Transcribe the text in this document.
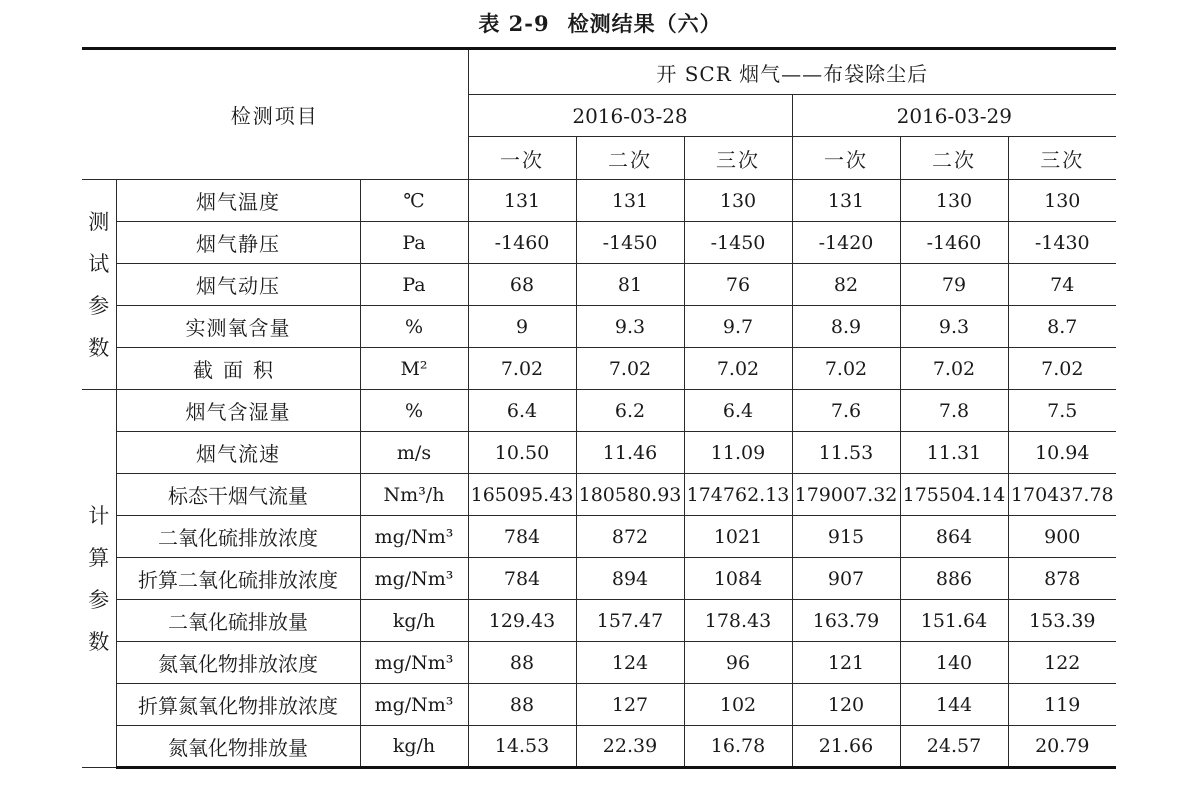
表 2-9 检测结果（六）
检测项目			开 SCR 烟气——布袋除尘后					
			2016-03-28			2016-03-29		
			一次	二次	三次	一次	二次	三次

测
试
参
数	烟气温度	℃	131	131	130	131	130	130
	烟气静压	Pa	-1460	-1450	-1450	-1420	-1460	-1430
	烟气动压	Pa	68	81	76	82	79	74
	实测氧含量	%	9	9.3	9.7	8.9	9.3	8.7
	截面积	M²	7.02	7.02	7.02	7.02	7.02	7.02

计
算
参
数	烟气含湿量	%	6.4	6.2	6.4	7.6	7.8	7.5
	烟气流速	m/s	10.50	11.46	11.09	11.53	11.31	10.94
	标态干烟气流量	Nm³/h	165095.43	180580.93	174762.13	179007.32	175504.14	170437.78
	二氧化硫排放浓度	mg/Nm³	784	872	1021	915	864	900
	折算二氧化硫排放浓度	mg/Nm³	784	894	1084	907	886	878
	二氧化硫排放量	kg/h	129.43	157.47	178.43	163.79	151.64	153.39
	氮氧化物排放浓度	mg/Nm³	88	124	96	121	140	122
	折算氮氧化物排放浓度	mg/Nm³	88	127	102	120	144	119
	氮氧化物排放量	kg/h	14.53	22.39	16.78	21.66	24.57	20.79
